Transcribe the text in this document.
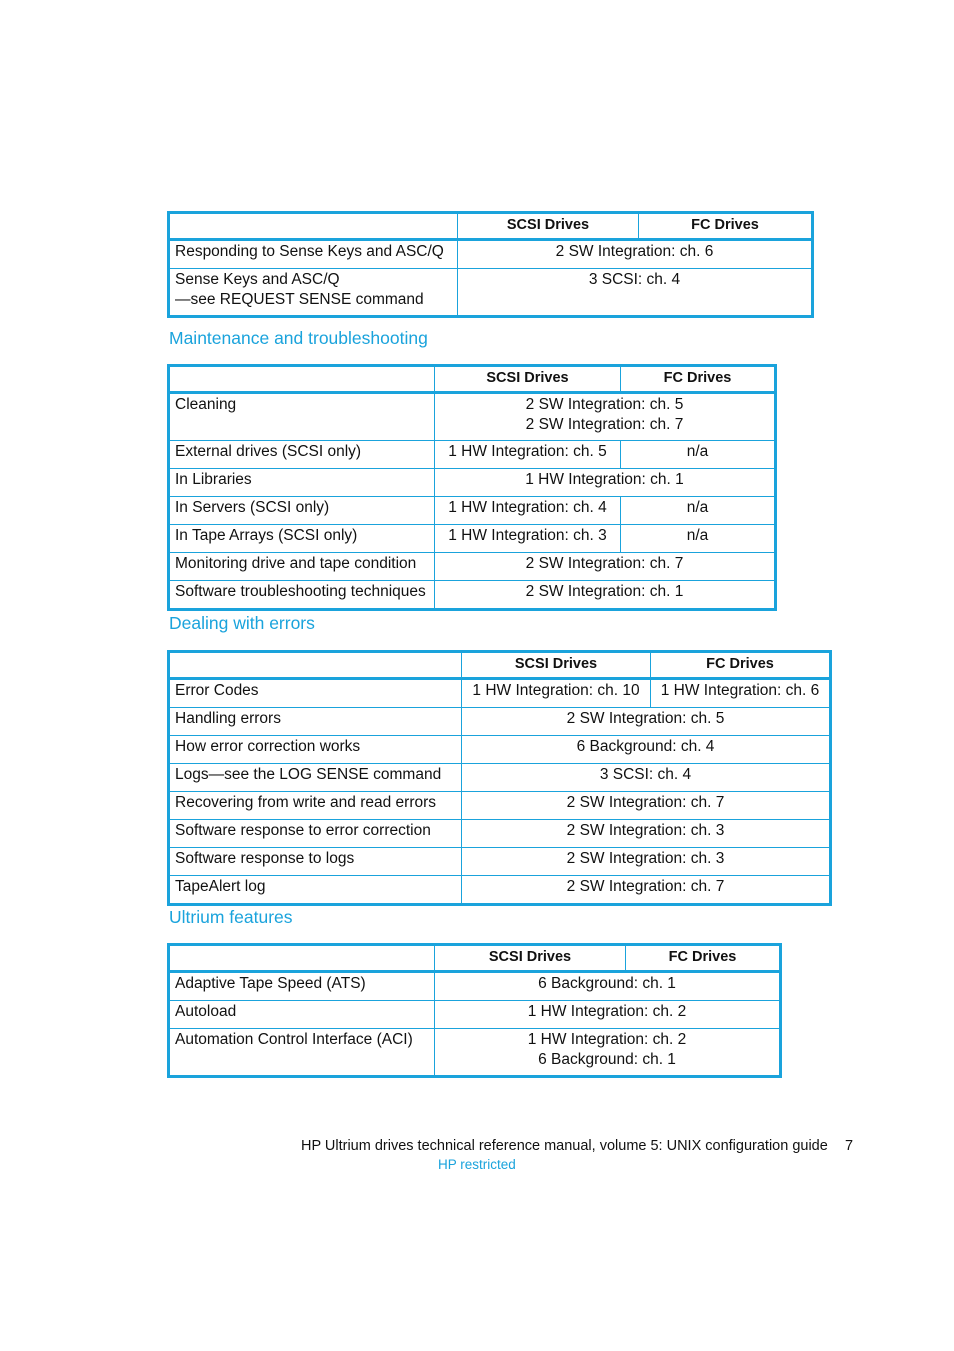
	SCSI Drives	FC Drives

Responding to Sense Keys and ASC/Q	2 SW Integration: ch. 6	

Sense Keys and ASC/Q
—see REQUEST SENSE command	3 SCSI: ch. 4	
Maintenance and troubleshooting
	SCSI Drives	FC Drives

Cleaning	2 SW Integration: ch. 5
2 SW Integration: ch. 7	

External drives (SCSI only)	1 HW Integration: ch. 5	n/a

In Libraries	1 HW Integration: ch. 1	

In Servers (SCSI only)	1 HW Integration: ch. 4	n/a

In Tape Arrays (SCSI only)	1 HW Integration: ch. 3	n/a

Monitoring drive and tape condition	2 SW Integration: ch. 7	

Software troubleshooting techniques	2 SW Integration: ch. 1	
Dealing with errors
	SCSI Drives	FC Drives

Error Codes	1 HW Integration: ch. 10	1 HW Integration: ch. 6

Handling errors	2 SW Integration: ch. 5	

How error correction works	6 Background: ch. 4	

Logs—see the LOG SENSE command	3 SCSI: ch. 4	

Recovering from write and read errors	2 SW Integration: ch. 7	

Software response to error correction	2 SW Integration: ch. 3	

Software response to logs	2 SW Integration: ch. 3	

TapeAlert log	2 SW Integration: ch. 7	
Ultrium features
	SCSI Drives	FC Drives

Adaptive Tape Speed (ATS)	6 Background: ch. 1	

Autoload	1 HW Integration: ch. 2	

Automation Control Interface (ACI)	1 HW Integration: ch. 2
6 Background: ch. 1	
HP Ultrium drives technical reference manual, volume 5: UNIX configuration guide 7
HP restricted
